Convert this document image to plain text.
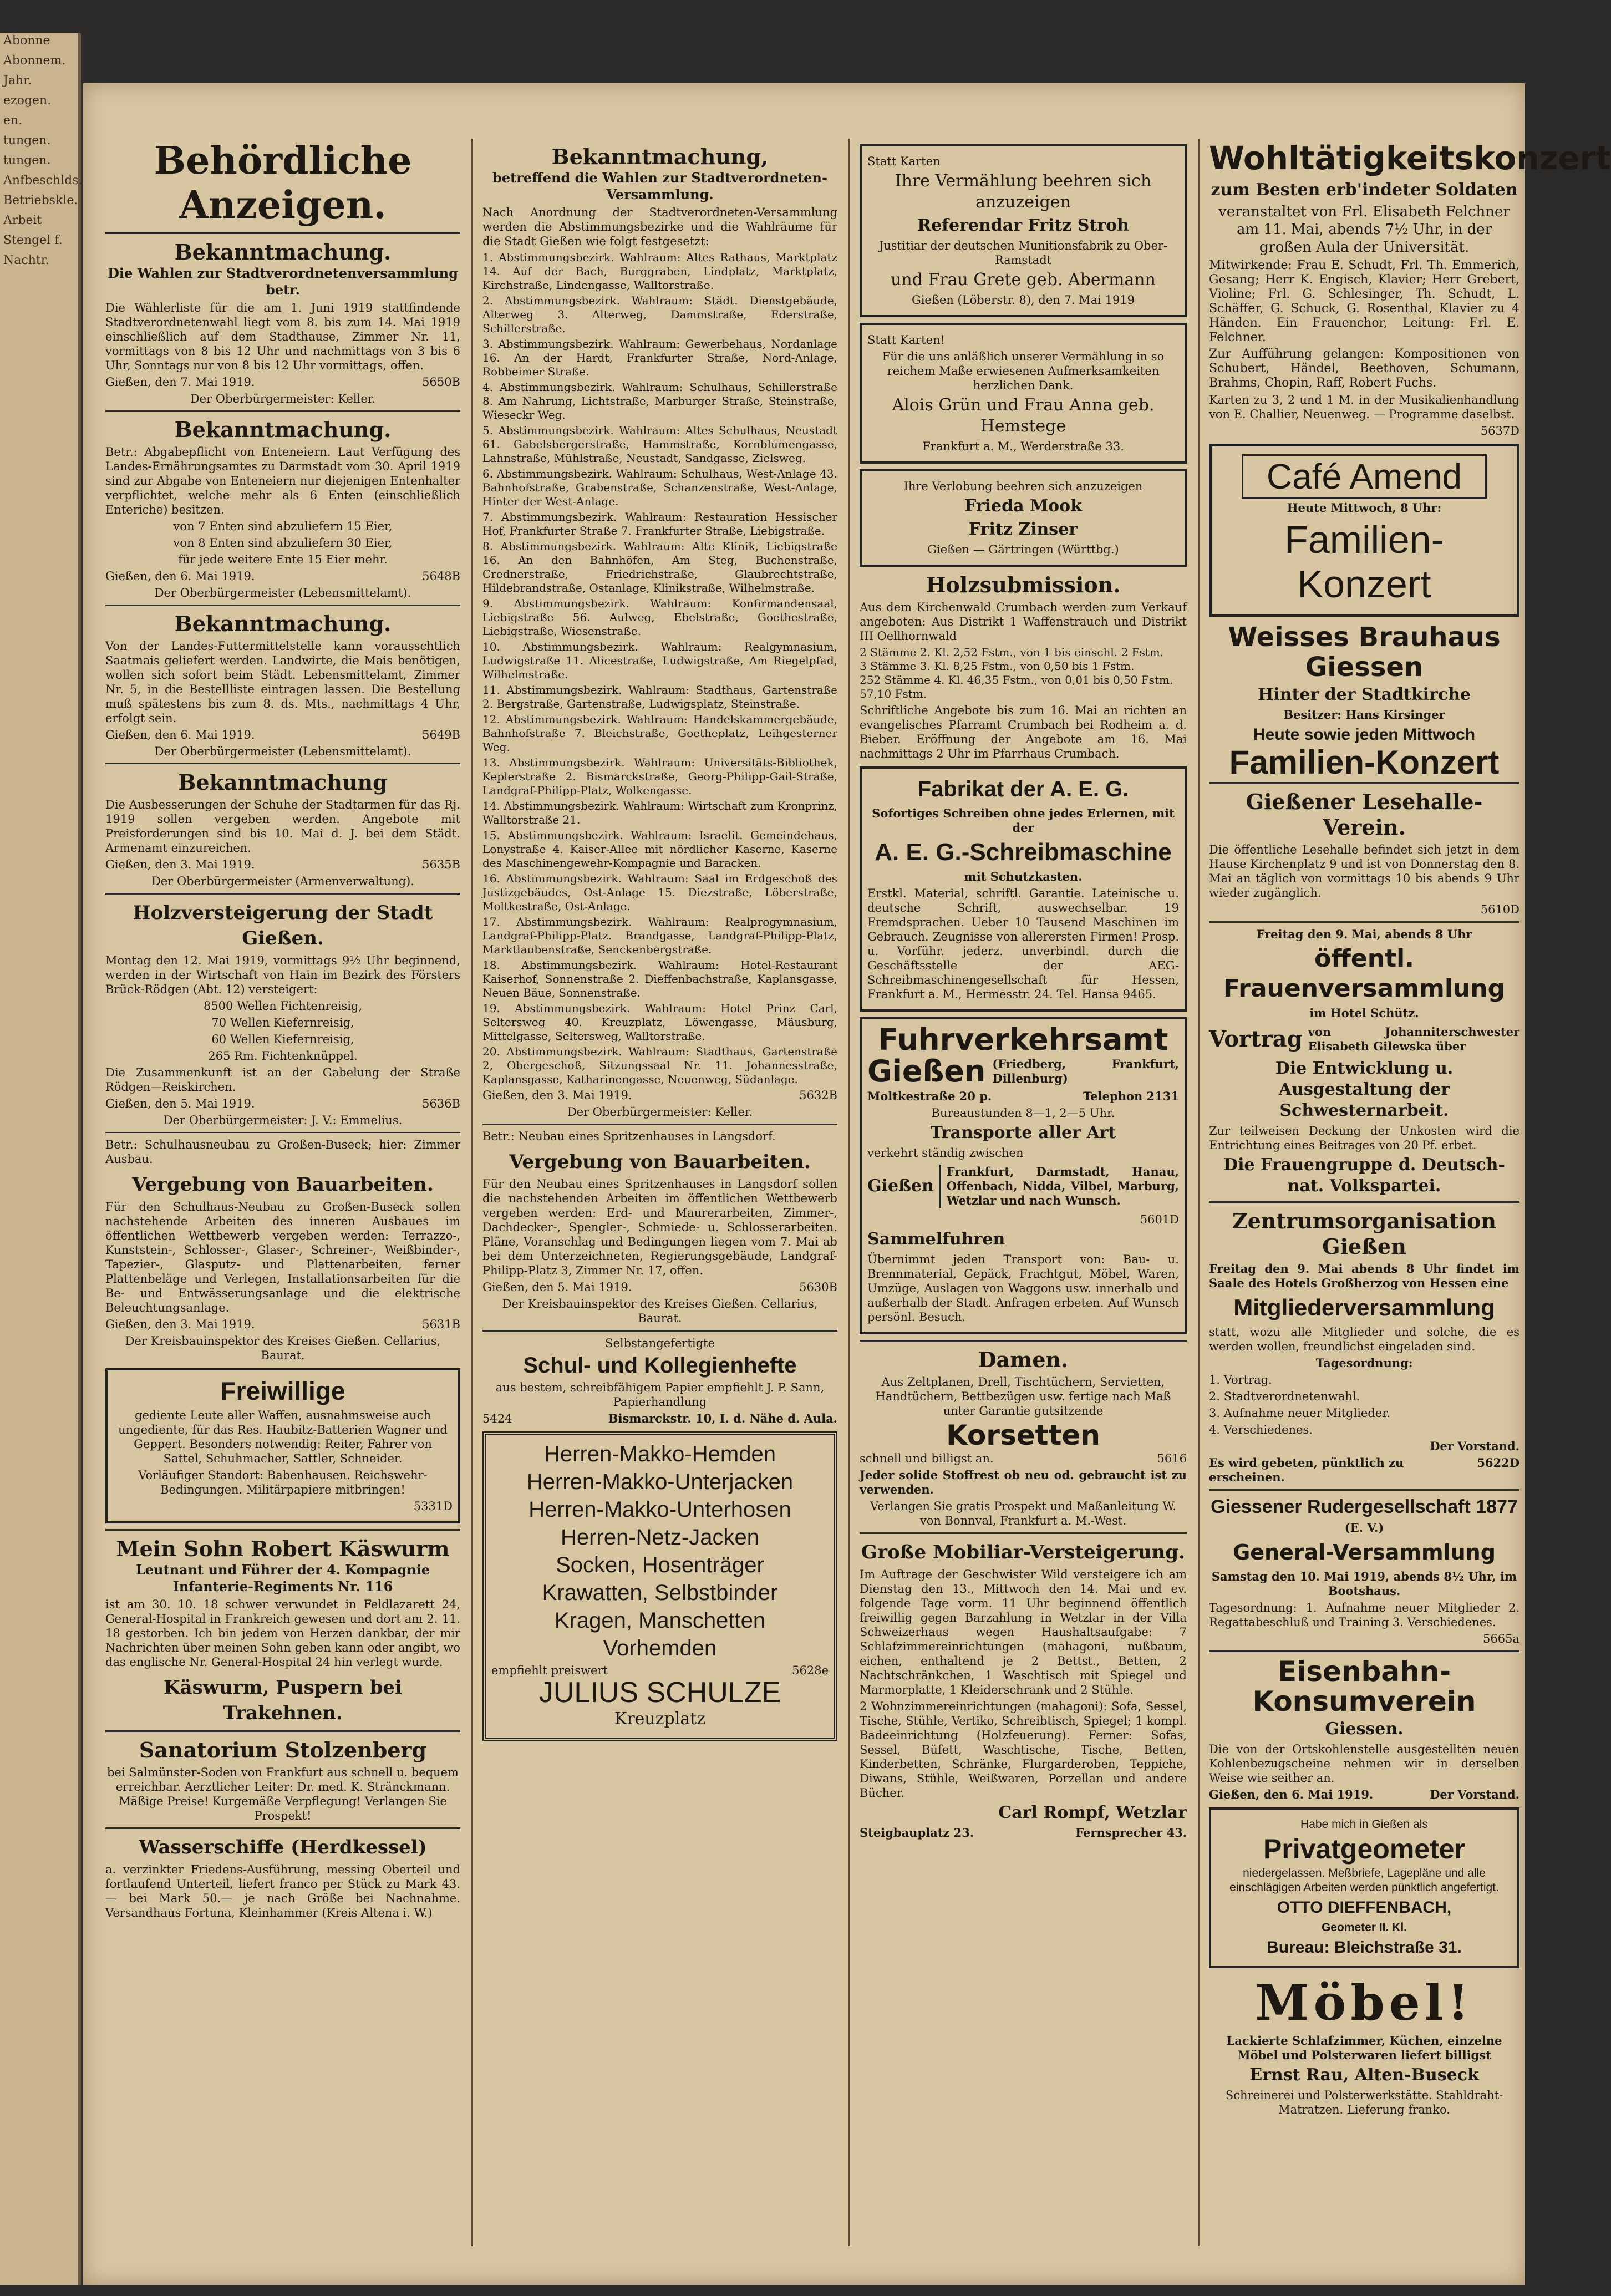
Abonne

Abonnem.

Jahr.

ezogen.

en.

tungen.

tungen.

Anfbeschlds.

Betriebskle.

Arbeit

Stengel f.

Nachtr.

Behördliche Anzeigen.
Bekanntmachung.
Die Wahlen zur Stadtverordnetenversammlung betr.

Die Wählerliste für die am 1. Juni 1919 stattfindende Stadtverordnetenwahl liegt vom 8. bis zum 14. Mai 1919 einschließlich auf dem Stadthause, Zimmer Nr. 11, vormittags von 8 bis 12 Uhr und nachmittags von 3 bis 6 Uhr, Sonntags nur von 8 bis 12 Uhr vormittags, offen.

Gießen, den 7. Mai 1919.	5650B
Der Oberbürgermeister: Keller.
Bekanntmachung.

Betr.: Abgabepflicht von Enteneiern. Laut Verfügung des Landes-Ernährungsamtes zu Darmstadt vom 30. April 1919 sind zur Abgabe von Enteneiern nur diejenigen Entenhalter verpflichtet, welche mehr als 6 Enten (einschließlich Enteriche) besitzen.

von 7 Enten sind abzuliefern 15 Eier,

von 8 Enten sind abzuliefern 30 Eier,

für jede weitere Ente 15 Eier mehr.

Gießen, den 6. Mai 1919.	5648B
Der Oberbürgermeister (Lebensmittelamt).
Bekanntmachung.

Von der Landes-Futtermittelstelle kann vorausschtlich Saatmais geliefert werden. Landwirte, die Mais benötigen, wollen sich sofort beim Städt. Lebensmittelamt, Zimmer Nr. 5, in die Bestellliste eintragen lassen. Die Bestellung muß spätestens bis zum 8. ds. Mts., nachmittags 4 Uhr, erfolgt sein.

Gießen, den 6. Mai 1919.	5649B
Der Oberbürgermeister (Lebensmittelamt).
Bekanntmachung

Die Ausbesserungen der Schuhe der Stadtarmen für das Rj. 1919 sollen vergeben werden. Angebote mit Preisforderungen sind bis 10. Mai d. J. bei dem Städt. Armenamt einzureichen.

Gießen, den 3. Mai 1919.	5635B
Der Oberbürgermeister (Armenverwaltung).
Holzversteigerung der Stadt Gießen.

Montag den 12. Mai 1919, vormittags 9½ Uhr beginnend, werden in der Wirtschaft von Hain im Bezirk des Försters Brück-Rödgen (Abt. 12) versteigert:

8500 Wellen Fichtenreisig,

70 Wellen Kiefernreisig,

60 Wellen Kiefernreisig,

265 Rm. Fichtenknüppel.

Die Zusammenkunft ist an der Gabelung der Straße Rödgen—Reiskirchen.

Gießen, den 5. Mai 1919.	5636B
Der Oberbürgermeister: J. V.: Emmelius.

Betr.: Schulhausneubau zu Großen-Buseck; hier: Zimmer Ausbau.

Vergebung von Bauarbeiten.

Für den Schulhaus-Neubau zu Großen-Buseck sollen nachstehende Arbeiten des inneren Ausbaues im öffentlichen Wettbewerb vergeben werden: Terrazzo-, Kunststein-, Schlosser-, Glaser-, Schreiner-, Weißbinder-, Tapezier-, Glasputz- und Plattenarbeiten, ferner Plattenbeläge und Verlegen, Installationsarbeiten für die Be- und Entwässerungsanlage und die elektrische Beleuchtungsanlage.

Gießen, den 3. Mai 1919.	5631B
Der Kreisbauinspektor des Kreises Gießen. Cellarius, Baurat.
Freiwillige

gediente Leute aller Waffen, ausnahmsweise auch ungediente, für das Res. Haubitz-Batterien Wagner und Geppert. Besonders notwendig: Reiter, Fahrer von Sattel, Schuhmacher, Sattler, Schneider.

Vorläufiger Standort: Babenhausen. Reichswehr-Bedingungen. Militärpapiere mitbringen!

5331D
Mein Sohn Robert Käswurm
Leutnant und Führer der 4. Kompagnie Infanterie-Regiments Nr. 116

ist am 30. 10. 18 schwer verwundet in Feldlazarett 24, General-Hospital in Frankreich gewesen und dort am 2. 11. 18 gestorben. Ich bin jedem von Herzen dankbar, der mir Nachrichten über meinen Sohn geben kann oder angibt, wo das englische Nr. General-Hospital 24 hin verlegt wurde.

Käswurm, Puspern bei Trakehnen.
Sanatorium Stolzenberg

bei Salmünster-Soden von Frankfurt aus schnell u. bequem erreichbar. Aerztlicher Leiter: Dr. med. K. Stränckmann. Mäßige Preise! Kurgemäße Verpflegung! Verlangen Sie Prospekt!

Wasserschiffe (Herdkessel)

a. verzinkter Friedens-Ausführung, messing Oberteil und fortlaufend Unterteil, liefert franco per Stück zu Mark 43.— bei Mark 50.— je nach Größe bei Nachnahme. Versandhaus Fortuna, Kleinhammer (Kreis Altena i. W.)

Bekanntmachung,
betreffend die Wahlen zur Stadtverordneten-Versammlung.

Nach Anordnung der Stadtverordneten-Versammlung werden die Abstimmungsbezirke und die Wahlräume für die Stadt Gießen wie folgt festgesetzt:

1. Abstimmungsbezirk. Wahlraum: Altes Rathaus, Marktplatz 14. Auf der Bach, Burggraben, Lindplatz, Marktplatz, Kirchstraße, Lindengasse, Walltorstraße.

2. Abstimmungsbezirk. Wahlraum: Städt. Dienstgebäude, Alterweg 3. Alterweg, Dammstraße, Ederstraße, Schillerstraße.

3. Abstimmungsbezirk. Wahlraum: Gewerbehaus, Nordanlage 16. An der Hardt, Frankfurter Straße, Nord-Anlage, Robbeimer Straße.

4. Abstimmungsbezirk. Wahlraum: Schulhaus, Schillerstraße 8. Am Nahrung, Lichtstraße, Marburger Straße, Steinstraße, Wieseckr Weg.

5. Abstimmungsbezirk. Wahlraum: Altes Schulhaus, Neustadt 61. Gabelsbergerstraße, Hammstraße, Kornblumengasse, Lahnstraße, Mühlstraße, Neustadt, Sandgasse, Zielsweg.

6. Abstimmungsbezirk. Wahlraum: Schulhaus, West-Anlage 43. Bahnhofstraße, Grabenstraße, Schanzenstraße, West-Anlage, Hinter der West-Anlage.

7. Abstimmungsbezirk. Wahlraum: Restauration Hessischer Hof, Frankfurter Straße 7. Frankfurter Straße, Liebigstraße.

8. Abstimmungsbezirk. Wahlraum: Alte Klinik, Liebigstraße 16. An den Bahnhöfen, Am Steg, Buchenstraße, Crednerstraße, Friedrichstraße, Glaubrechtstraße, Hildebrandstraße, Ostanlage, Klinikstraße, Wilhelmstraße.

9. Abstimmungsbezirk. Wahlraum: Konfirmandensaal, Liebigstraße 56. Aulweg, Ebelstraße, Goethestraße, Liebigstraße, Wiesenstraße.

10. Abstimmungsbezirk. Wahlraum: Realgymnasium, Ludwigstraße 11. Alicestraße, Ludwigstraße, Am Riegelpfad, Wilhelmstraße.

11. Abstimmungsbezirk. Wahlraum: Stadthaus, Gartenstraße 2. Bergstraße, Gartenstraße, Ludwigsplatz, Steinstraße.

12. Abstimmungsbezirk. Wahlraum: Handelskammergebäude, Bahnhofstraße 7. Bleichstraße, Goetheplatz, Leihgesterner Weg.

13. Abstimmungsbezirk. Wahlraum: Universitäts-Bibliothek, Keplerstraße 2. Bismarckstraße, Georg-Philipp-Gail-Straße, Landgraf-Philipp-Platz, Wolkengasse.

14. Abstimmungsbezirk. Wahlraum: Wirtschaft zum Kronprinz, Walltorstraße 21.

15. Abstimmungsbezirk. Wahlraum: Israelit. Gemeindehaus, Lonystraße 4. Kaiser-Allee mit nördlicher Kaserne, Kaserne des Maschinengewehr-Kompagnie und Baracken.

16. Abstimmungsbezirk. Wahlraum: Saal im Erdgeschoß des Justizgebäudes, Ost-Anlage 15. Diezstraße, Löberstraße, Moltkestraße, Ost-Anlage.

17. Abstimmungsbezirk. Wahlraum: Realprogymnasium, Landgraf-Philipp-Platz. Brandgasse, Landgraf-Philipp-Platz, Marktlaubenstraße, Senckenbergstraße.

18. Abstimmungsbezirk. Wahlraum: Hotel-Restaurant Kaiserhof, Sonnenstraße 2. Dieffenbachstraße, Kaplansgasse, Neuen Bäue, Sonnenstraße.

19. Abstimmungsbezirk. Wahlraum: Hotel Prinz Carl, Seltersweg 40. Kreuzplatz, Löwengasse, Mäusburg, Mittelgasse, Seltersweg, Walltorstraße.

20. Abstimmungsbezirk. Wahlraum: Stadthaus, Gartenstraße 2, Obergeschoß, Sitzungssaal Nr. 11. Johannesstraße, Kaplansgasse, Katharinengasse, Neuenweg, Südanlage.

Gießen, den 3. Mai 1919.	5632B
Der Oberbürgermeister: Keller.

Betr.: Neubau eines Spritzenhauses in Langsdorf.

Vergebung von Bauarbeiten.

Für den Neubau eines Spritzenhauses in Langsdorf sollen die nachstehenden Arbeiten im öffentlichen Wettbewerb vergeben werden: Erd- und Maurerarbeiten, Zimmer-, Dachdecker-, Spengler-, Schmiede- u. Schlosserarbeiten. Pläne, Voranschlag und Bedingungen liegen vom 7. Mai ab bei dem Unterzeichneten, Regierungsgebäude, Landgraf-Philipp-Platz 3, Zimmer Nr. 17, offen.

Gießen, den 5. Mai 1919.	5630B
Der Kreisbauinspektor des Kreises Gießen. Cellarius, Baurat.
Selbstangefertigte
Schul- und Kollegienhefte

aus bestem, schreibfähigem Papier empfiehlt J. P. Sann, Papierhandlung

5424	Bismarckstr. 10, I. d. Nähe d. Aula.
Herren-Makko-Hemden
Herren-Makko-Unterjacken
Herren-Makko-Unterhosen
Herren-Netz-Jacken
Socken, Hosenträger
Krawatten, Selbstbinder
Kragen, Manschetten
Vorhemden
empfiehlt preiswert	5628e
JULIUS SCHULZE
Kreuzplatz
Statt Karten
Ihre Vermählung beehren sich anzuzeigen
Referendar Fritz Stroh
Justitiar der deutschen Munitionsfabrik zu Ober-Ramstadt
und Frau Grete geb. Abermann
Gießen (Löberstr. 8), den 7. Mai 1919
Statt Karten!
Für die uns anläßlich unserer Vermählung in so reichem Maße erwiesenen Aufmerksamkeiten herzlichen Dank.
Alois Grün und Frau Anna geb. Hemstege
Frankfurt a. M., Werderstraße 33.
Ihre Verlobung beehren sich anzuzeigen
Frieda Mook
Fritz Zinser
Gießen — Gärtringen (Württbg.)
Holzsubmission.

Aus dem Kirchenwald Crumbach werden zum Verkauf angeboten: Aus Distrikt 1 Waffenstrauch und Distrikt III Oellhornwald

2 Stämme 2. Kl. 2,52 Fstm., von 1 bis einschl. 2 Fstm.
3 Stämme 3. Kl. 8,25 Fstm., von 0,50 bis 1 Fstm.
252 Stämme 4. Kl. 46,35 Fstm., von 0,01 bis 0,50 Fstm.
57,10 Fstm.

Schriftliche Angebote bis zum 16. Mai an richten an evangelisches Pfarramt Crumbach bei Rodheim a. d. Bieber. Eröffnung der Angebote am 16. Mai nachmittags 2 Uhr im Pfarrhaus Crumbach.

Fabrikat der A. E. G.
Sofortiges Schreiben ohne jedes Erlernen, mit der
A. E. G.-Schreibmaschine
mit Schutzkasten.

Erstkl. Material, schriftl. Garantie. Lateinische u. deutsche Schrift, auswechselbar. 19 Fremdsprachen. Ueber 10 Tausend Maschinen im Gebrauch. Zeugnisse von allerersten Firmen! Prosp. u. Vorführ. jederz. unverbindl. durch die Geschäftsstelle der AEG-Schreibmaschinengesellschaft für Hessen, Frankfurt a. M., Hermesstr. 24. Tel. Hansa 9465.

Fuhrverkehrsamt
Gießen (Friedberg, Frankfurt, Dillenburg)
Moltkestraße 20 p.	Telephon 2131
Bureaustunden 8—1, 2—5 Uhr.
Transporte aller Art
verkehrt ständig zwischen
Gießen
Frankfurt, Darmstadt, Hanau, Offenbach, Nidda, Vilbel, Marburg, Wetzlar und nach Wunsch.
5601D
Sammelfuhren

Übernimmt jeden Transport von: Bau- u. Brennmaterial, Gepäck, Frachtgut, Möbel, Waren, Umzüge, Auslagen von Waggons usw. innerhalb und außerhalb der Stadt. Anfragen erbeten. Auf Wunsch persönl. Besuch.

Damen.

Aus Zeltplanen, Drell, Tischtüchern, Servietten, Handtüchern, Bettbezügen usw. fertige nach Maß unter Garantie gutsitzende

Korsetten
schnell und billigst an.	5616

Jeder solide Stoffrest ob neu od. gebraucht ist zu verwenden.

Verlangen Sie gratis Prospekt und Maßanleitung W. von Bonnval, Frankfurt a. M.-West.

Große Mobiliar-Versteigerung.

Im Auftrage der Geschwister Wild versteigere ich am Dienstag den 13., Mittwoch den 14. Mai und ev. folgende Tage vorm. 11 Uhr beginnend öffentlich freiwillig gegen Barzahlung in Wetzlar in der Villa Schweizerhaus wegen Haushaltsaufgabe: 7 Schlafzimmereinrichtungen (mahagoni, nußbaum, eichen, enthaltend je 2 Bettst., Betten, 2 Nachtschränkchen, 1 Waschtisch mit Spiegel und Marmorplatte, 1 Kleiderschrank und 2 Stühle.

2 Wohnzimmereinrichtungen (mahagoni): Sofa, Sessel, Tische, Stühle, Vertiko, Schreibtisch, Spiegel; 1 kompl. Badeeinrichtung (Holzfeuerung). Ferner: Sofas, Sessel, Büfett, Waschtische, Tische, Betten, Kinderbetten, Schränke, Flurgarderoben, Teppiche, Diwans, Stühle, Weißwaren, Porzellan und andere Bücher.

Carl Rompf, Wetzlar
Steigbauplatz 23.	Fernsprecher 43.
Wohltätigkeitskonzert
zum Besten erb'indeter Soldaten

veranstaltet von Frl. Elisabeth Felchner am 11. Mai, abends 7½ Uhr, in der großen Aula der Universität.

Mitwirkende: Frau E. Schudt, Frl. Th. Emmerich, Gesang; Herr K. Engisch, Klavier; Herr Grebert, Violine; Frl. G. Schlesinger, Th. Schudt, L. Schäffer, G. Schuck, G. Rosenthal, Klavier zu 4 Händen. Ein Frauenchor, Leitung: Frl. E. Felchner.

Zur Aufführung gelangen: Kompositionen von Schubert, Händel, Beethoven, Schumann, Brahms, Chopin, Raff, Robert Fuchs.

Karten zu 3, 2 und 1 M. in der Musikalienhandlung von E. Challier, Neuenweg. — Programme daselbst.

5637D
Café Amend
Heute Mittwoch, 8 Uhr:
Familien-Konzert
Weisses Brauhaus Giessen
Hinter der Stadtkirche
Besitzer: Hans Kirsinger
Heute sowie jeden Mittwoch
Familien-Konzert
Gießener Lesehalle-Verein.

Die öffentliche Lesehalle befindet sich jetzt in dem Hause Kirchenplatz 9 und ist von Donnerstag den 8. Mai an täglich von vormittags 10 bis abends 9 Uhr wieder zugänglich.

5610D
Freitag den 9. Mai, abends 8 Uhr
öffentl. Frauenversammlung
im Hotel Schütz.
Vortrag von Johanniterschwester Elisabeth Gilewska über
Die Entwicklung u. Ausgestaltung der Schwesternarbeit.

Zur teilweisen Deckung der Unkosten wird die Entrichtung eines Beitrages von 20 Pf. erbet.

Die Frauengruppe d. Deutsch-nat. Volkspartei.
Zentrumsorganisation Gießen

Freitag den 9. Mai abends 8 Uhr findet im Saale des Hotels Großherzog von Hessen eine

Mitgliederversammlung

statt, wozu alle Mitglieder und solche, die es werden wollen, freundlichst eingeladen sind.

Tagesordnung:
1. Vortrag.
2. Stadtverordnetenwahl.
3. Aufnahme neuer Mitglieder.
4. Verschiedenes.
Der Vorstand.
Es wird gebeten, pünktlich zu erscheinen.
5622D
Giessener Rudergesellschaft 1877
(E. V.)
General-Versammlung

Samstag den 10. Mai 1919, abends 8½ Uhr, im Bootshaus.

Tagesordnung: 1. Aufnahme neuer Mitglieder 2. Regattabeschluß und Training 3. Verschiedenes.

5665a
Eisenbahn-Konsumverein
Giessen.

Die von der Ortskohlenstelle ausgestellten neuen Kohlenbezugscheine nehmen wir in derselben Weise wie seither an.

Gießen, den 6. Mai 1919.	Der Vorstand.
Habe mich in Gießen als
Privatgeometer

niedergelassen. Meßbriefe, Lagepläne und alle einschlägigen Arbeiten werden pünktlich angefertigt.

OTTO DIEFFENBACH,
Geometer II. Kl.
Bureau: Bleichstraße 31.
Möbel!

Lackierte Schlafzimmer, Küchen, einzelne Möbel und Polsterwaren liefert billigst

Ernst Rau, Alten-Buseck

Schreinerei und Polsterwerkstätte. Stahldraht-Matratzen. Lieferung franko.
